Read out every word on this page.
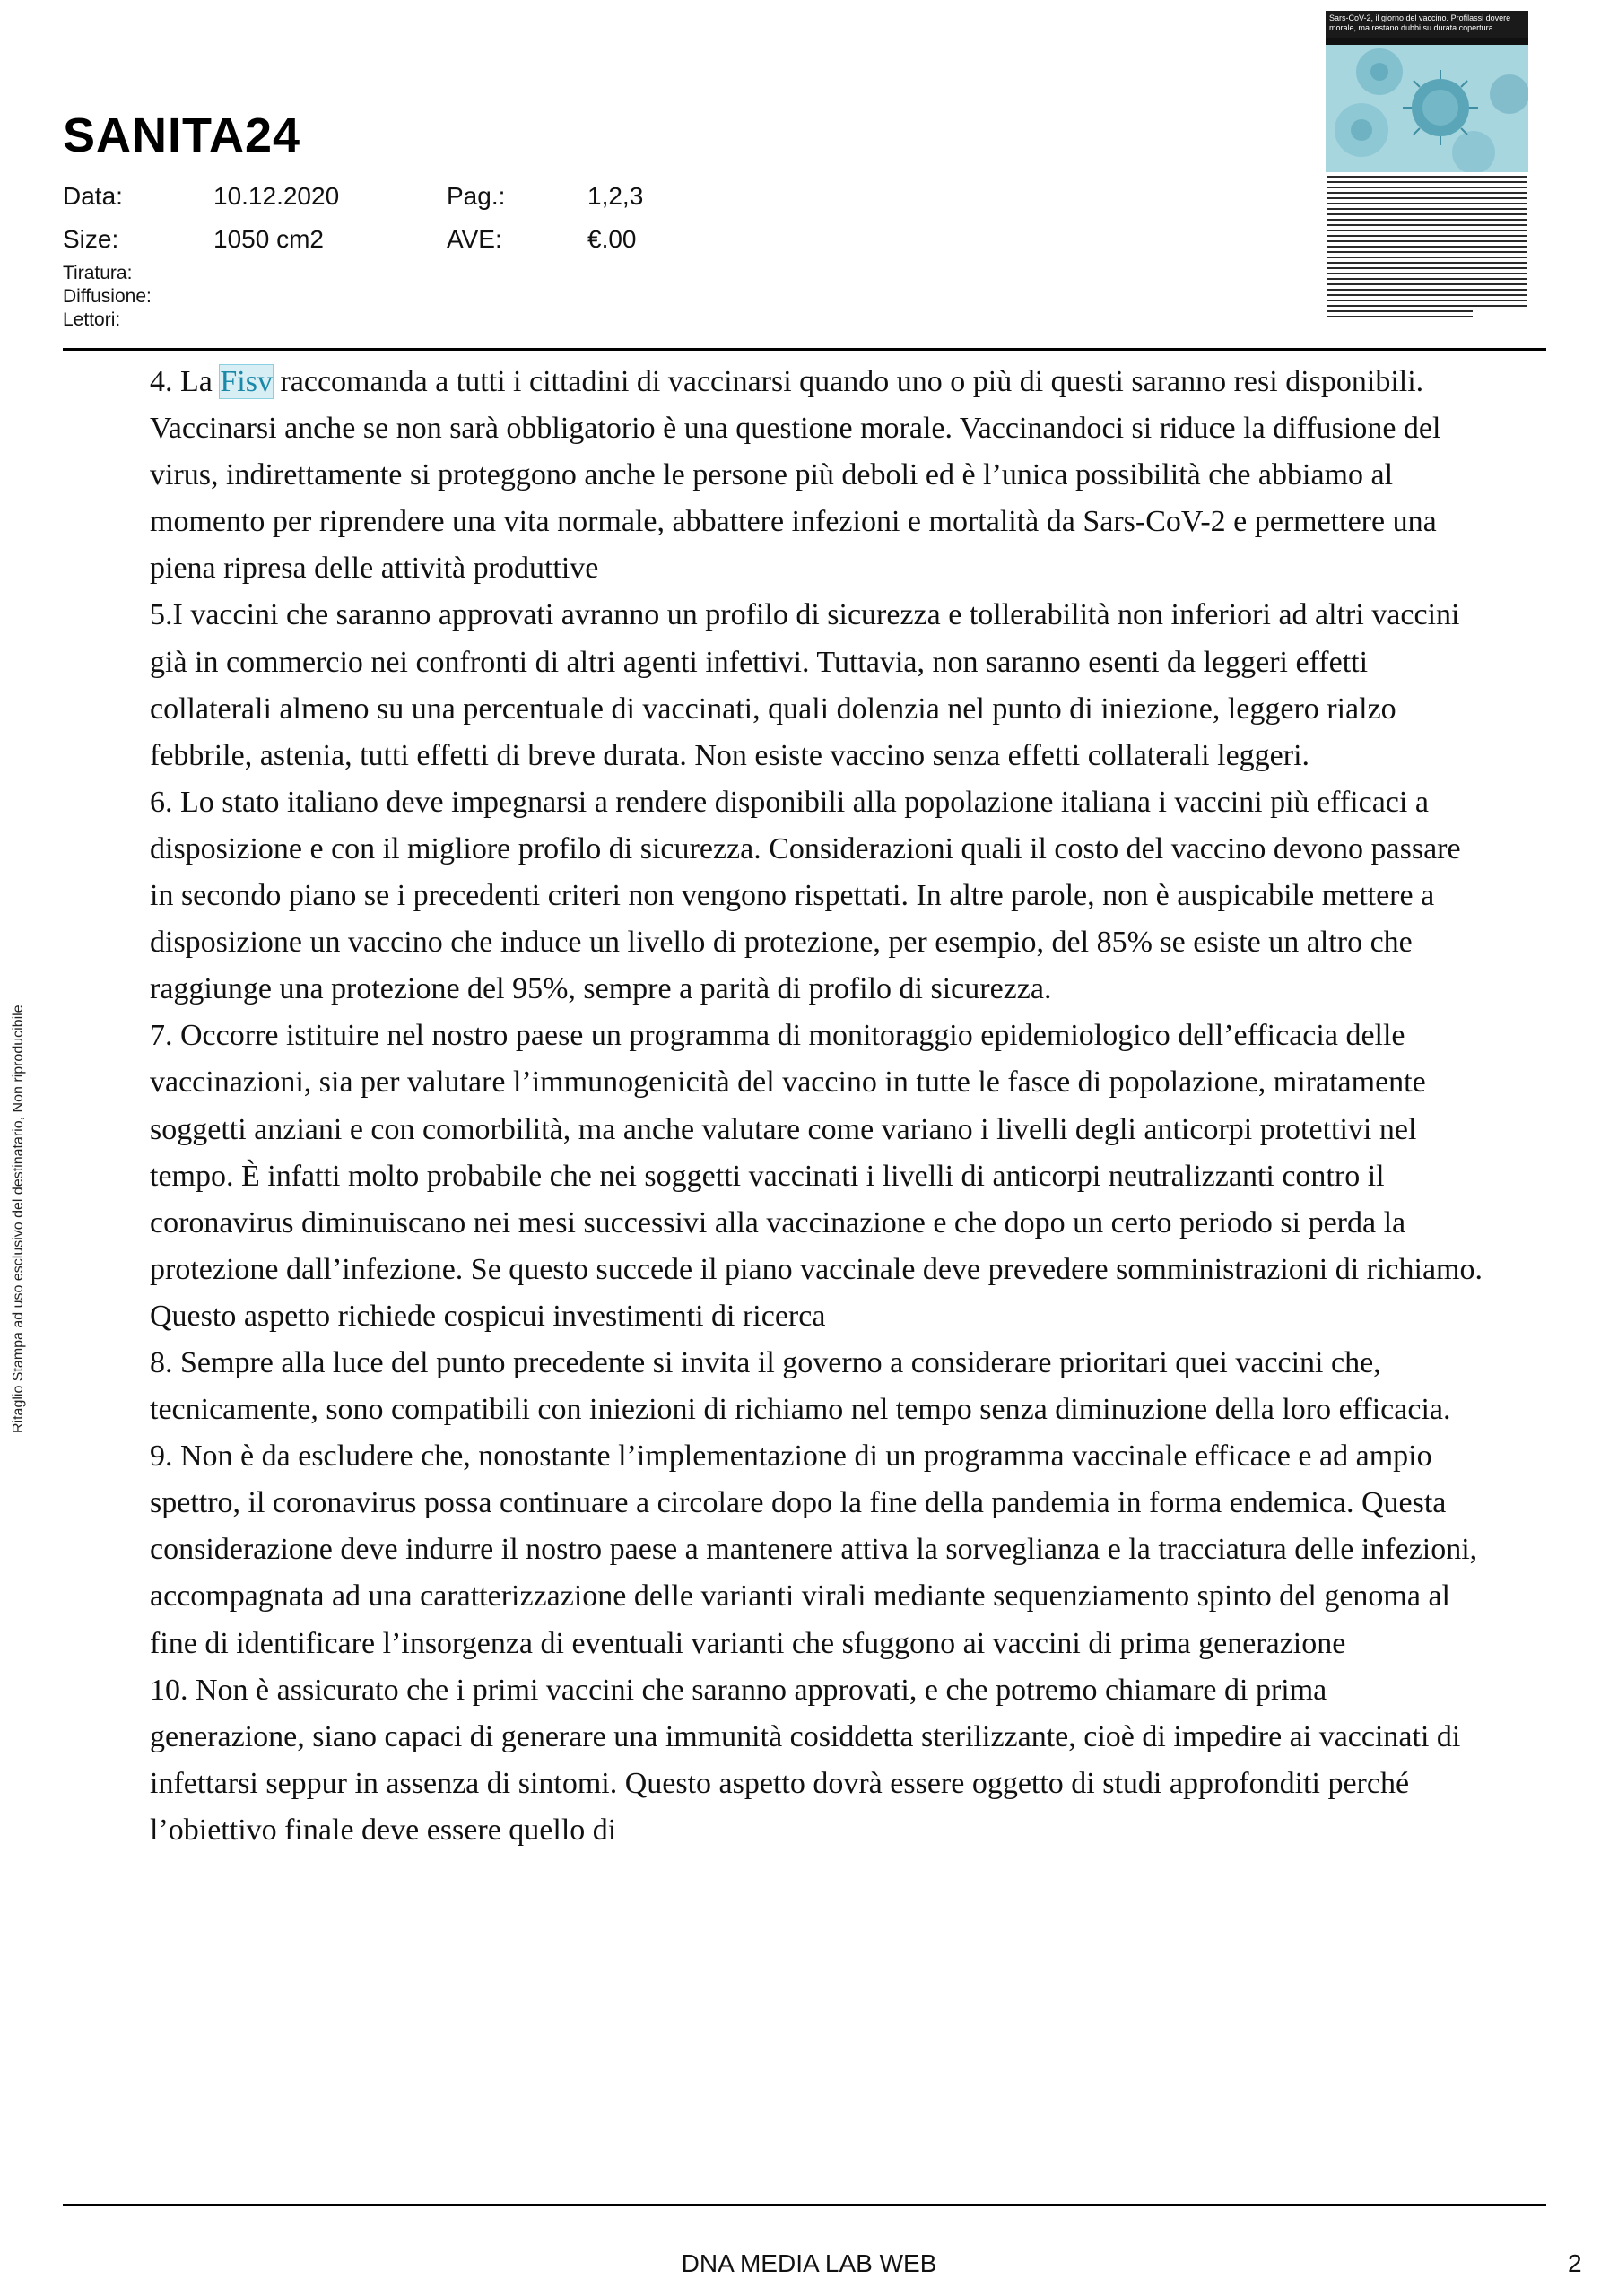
SANITA24
Data:	10.12.2020	Pag.:	1,2,3
Size:	1050 cm2	AVE:	€.00
Tiratura:
Diffusione:
Lettori:
Sars-CoV-2, il giorno del vaccino. Profilassi dovere morale, ma restano dubbi su durata copertura
Ritaglio Stampa ad uso esclusivo del destinatario, Non riproducibile

4. La Fisv raccomanda a tutti i cittadini di vaccinarsi quando uno o più di questi saranno resi disponibili. Vaccinarsi anche se non sarà obbligatorio è una questione morale. Vaccinandoci si riduce la diffusione del virus, indirettamente si proteggono anche le persone più deboli ed è l’unica possibilità che abbiamo al momento per riprendere una vita normale, abbattere infezioni e mortalità da Sars-CoV-2 e permettere una piena ripresa delle attività produttive

5.I vaccini che saranno approvati avranno un profilo di sicurezza e tollerabilità non inferiori ad altri vaccini già in commercio nei confronti di altri agenti infettivi. Tuttavia, non saranno esenti da leggeri effetti collaterali almeno su una percentuale di vaccinati, quali dolenzia nel punto di iniezione, leggero rialzo febbrile, astenia, tutti effetti di breve durata. Non esiste vaccino senza effetti collaterali leggeri.

6. Lo stato italiano deve impegnarsi a rendere disponibili alla popolazione italiana i vaccini più efficaci a disposizione e con il migliore profilo di sicurezza. Considerazioni quali il costo del vaccino devono passare in secondo piano se i precedenti criteri non vengono rispettati. In altre parole, non è auspicabile mettere a disposizione un vaccino che induce un livello di protezione, per esempio, del 85% se esiste un altro che raggiunge una protezione del 95%, sempre a parità di profilo di sicurezza.

7. Occorre istituire nel nostro paese un programma di monitoraggio epidemiologico dell’efficacia delle vaccinazioni, sia per valutare l’immunogenicità del vaccino in tutte le fasce di popolazione, miratamente soggetti anziani e con comorbilità, ma anche valutare come variano i livelli degli anticorpi protettivi nel tempo. È infatti molto probabile che nei soggetti vaccinati i livelli di anticorpi neutralizzanti contro il coronavirus diminuiscano nei mesi successivi alla vaccinazione e che dopo un certo periodo si perda la protezione dall’infezione. Se questo succede il piano vaccinale deve prevedere somministrazioni di richiamo. Questo aspetto richiede cospicui investimenti di ricerca

8. Sempre alla luce del punto precedente si invita il governo a considerare prioritari quei vaccini che, tecnicamente, sono compatibili con iniezioni di richiamo nel tempo senza diminuzione della loro efficacia.

9. Non è da escludere che, nonostante l’implementazione di un programma vaccinale efficace e ad ampio spettro, il coronavirus possa continuare a circolare dopo la fine della pandemia in forma endemica. Questa considerazione deve indurre il nostro paese a mantenere attiva la sorveglianza e la tracciatura delle infezioni, accompagnata ad una caratterizzazione delle varianti virali mediante sequenziamento spinto del genoma al fine di identificare l’insorgenza di eventuali varianti che sfuggono ai vaccini di prima generazione

10. Non è assicurato che i primi vaccini che saranno approvati, e che potremo chiamare di prima generazione, siano capaci di generare una immunità cosiddetta sterilizzante, cioè di impedire ai vaccinati di infettarsi seppur in assenza di sintomi. Questo aspetto dovrà essere oggetto di studi approfonditi perché l’obiettivo finale deve essere quello di

DNA MEDIA LAB WEB	2
